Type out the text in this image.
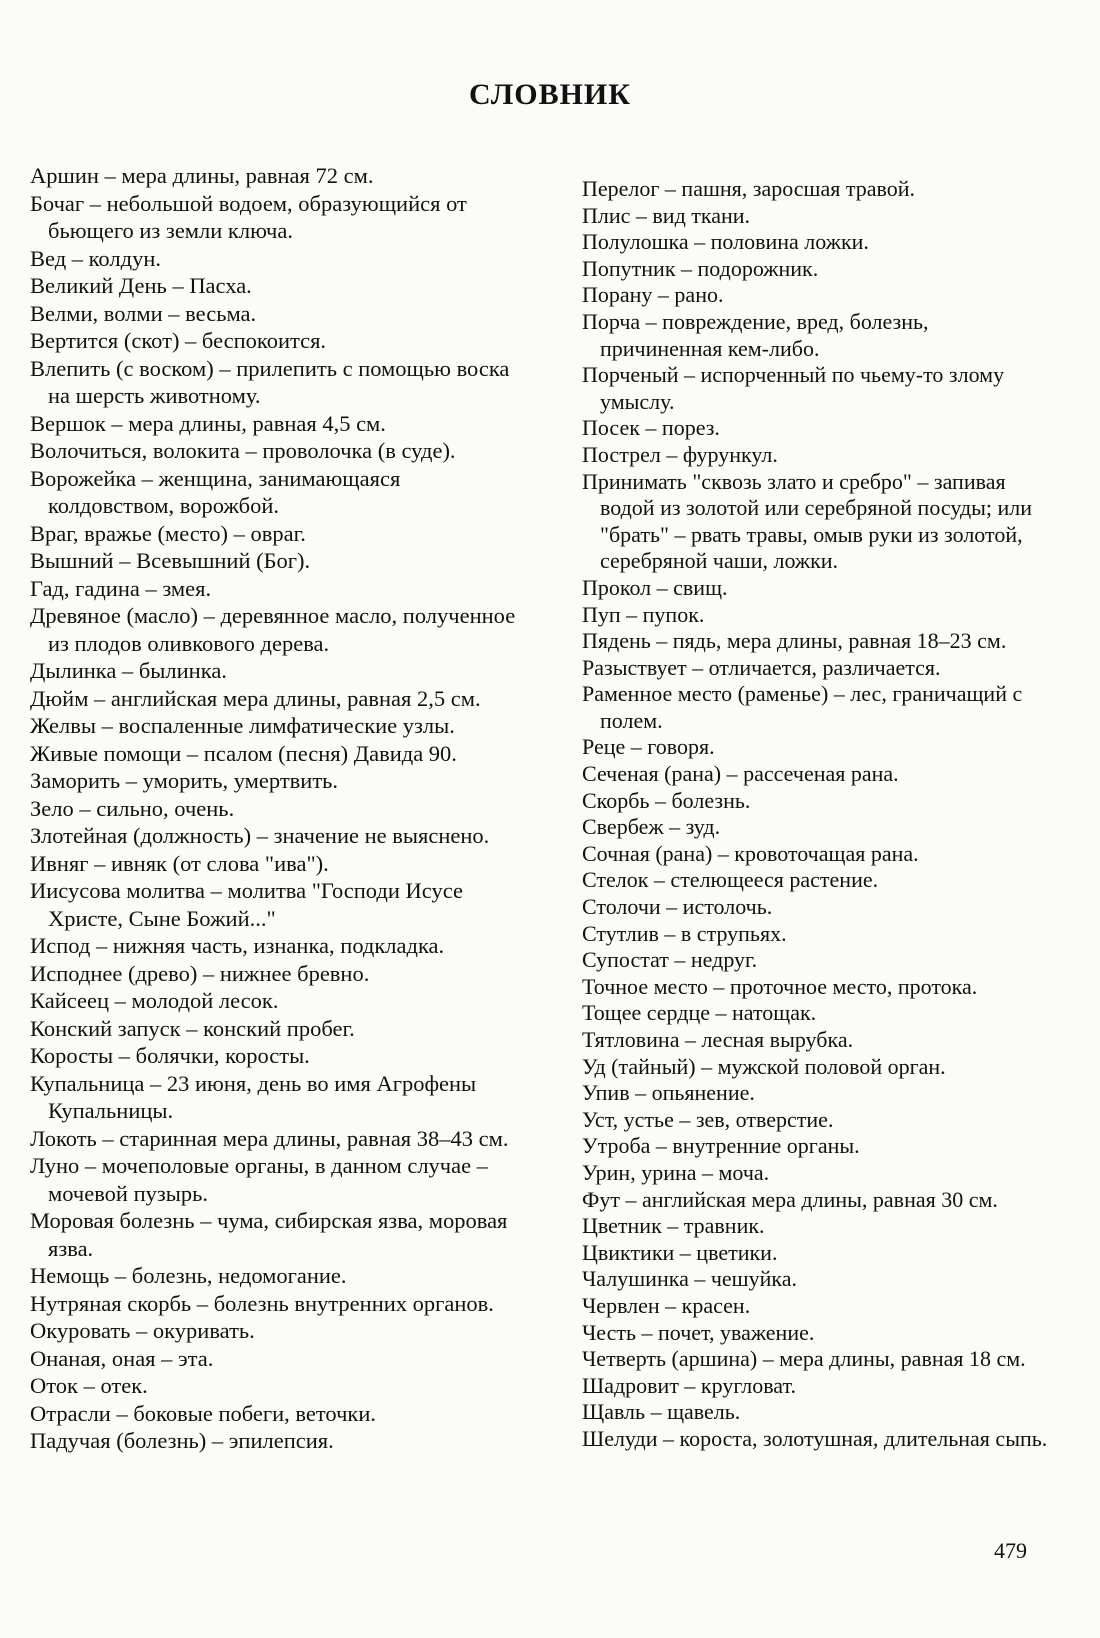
СЛОВНИК

Аршин – мера длины, равная 72 см.

Бочаг – небольшой водоем, образующийся от бьющего из земли ключа.

Вед – колдун.

Великий День – Пасха.

Велми, волми – весьма.

Вертится (скот) – беспокоится.

Влепить (с воском) – прилепить с помощью воска на шерсть животному.

Вершок – мера длины, равная 4,5 см.

Волочиться, волокита – проволочка (в суде).

Ворожейка – женщина, занимающаяся колдовством, ворожбой.

Враг, вражье (место) – овраг.

Вышний – Всевышний (Бог).

Гад, гадина – змея.

Древяное (масло) – деревянное масло, полученное из плодов оливкового дерева.

Дылинка – былинка.

Дюйм – английская мера длины, равная 2,5 см.

Желвы – воспаленные лимфатические узлы.

Живые помощи – псалом (песня) Давида 90.

Заморить – уморить, умертвить.

Зело – сильно, очень.

Злотейная (должность) – значение не выяснено.

Ивняг – ивняк (от слова "ива").

Иисусова молитва – молитва "Господи Исусе Христе, Сыне Божий..."

Испод – нижняя часть, изнанка, подкладка.

Исподнее (древо) – нижнее бревно.

Кайсеец – молодой лесок.

Конский запуск – конский пробег.

Коросты – болячки, коросты.

Купальница – 23 июня, день во имя Агрофены Купальницы.

Локоть – старинная мера длины, равная 38–43 см.

Луно – мочеполовые органы, в данном случае – мочевой пузырь.

Моровая болезнь – чума, сибирская язва, моровая язва.

Немощь – болезнь, недомогание.

Нутряная скорбь – болезнь внутренних органов.

Окуровать – окуривать.

Онаная, оная – эта.

Оток – отек.

Отрасли – боковые побеги, веточки.

Падучая (болезнь) – эпилепсия.

Перелог – пашня, заросшая травой.

Плис – вид ткани.

Полулошка – половина ложки.

Попутник – подорожник.

Порану – рано.

Порча – повреждение, вред, болезнь, причиненная кем-либо.

Порченый – испорченный по чьему-то злому умыслу.

Посек – порез.

Пострел – фурункул.

Принимать "сквозь злато и сребро" – запивая водой из золотой или серебряной посуды; или "брать" – рвать травы, омыв руки из золотой, серебряной чаши, ложки.

Прокол – свищ.

Пуп – пупок.

Пядень – пядь, мера длины, равная 18–23 см.

Разыствует – отличается, различается.

Раменное место (раменье) – лес, граничащий с полем.

Реце – говоря.

Сеченая (рана) – рассеченая рана.

Скорбь – болезнь.

Свербеж – зуд.

Сочная (рана) – кровоточащая рана.

Стелок – стелющееся растение.

Столочи – истолочь.

Стутлив – в струпьях.

Супостат – недруг.

Точное место – проточное место, протока.

Тощее сердце – натощак.

Тятловина – лесная вырубка.

Уд (тайный) – мужской половой орган.

Упив – опьянение.

Уст, устье – зев, отверстие.

Утроба – внутренние органы.

Урин, урина – моча.

Фут – английская мера длины, равная 30 см.

Цветник – травник.

Цвиктики – цветики.

Чалушинка – чешуйка.

Червлен – красен.

Честь – почет, уважение.

Четверть (аршина) – мера длины, равная 18 см.

Шадровит – кругловат.

Щавль – щавель.

Шелуди – короста, золотушная, длительная сыпь.

479
